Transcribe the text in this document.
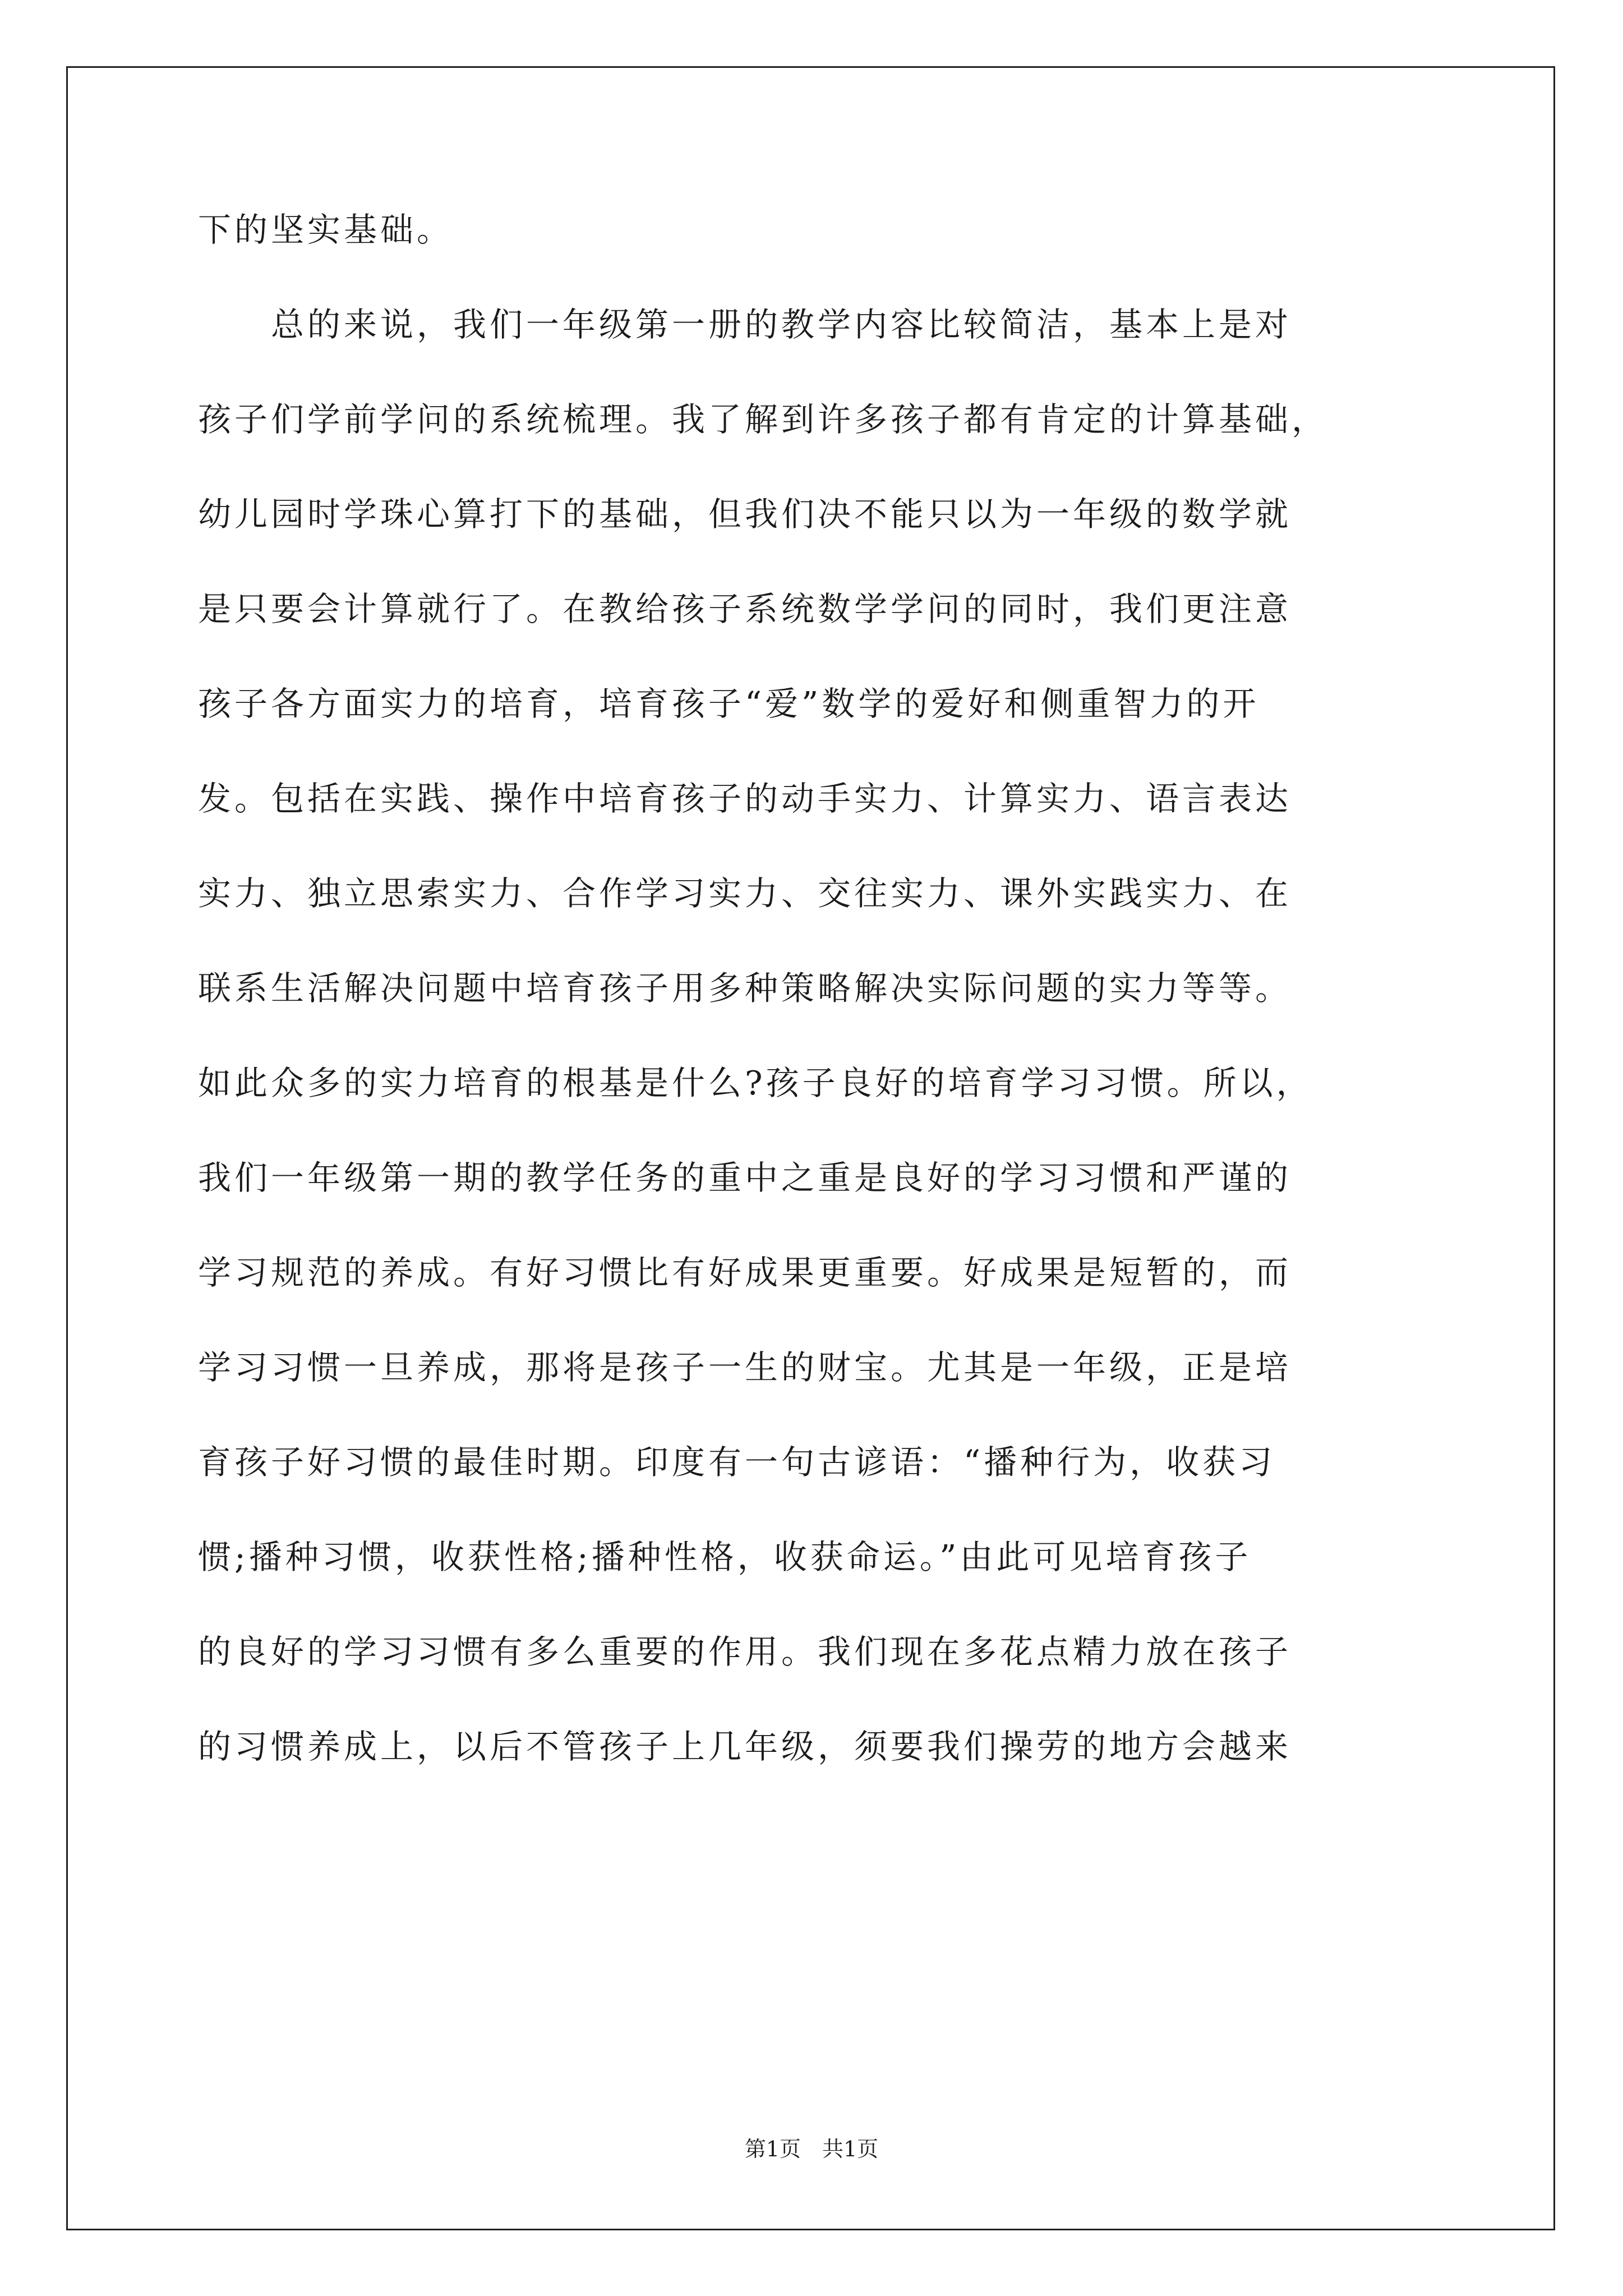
下的坚实基础。
　　总的来说，我们一年级第一册的教学内容比较简洁，基本上是对
孩子们学前学问的系统梳理。我了解到许多孩子都有肯定的计算基础，
幼儿园时学珠心算打下的基础，但我们决不能只以为一年级的数学就
是只要会计算就行了。在教给孩子系统数学学问的同时，我们更注意
孩子各方面实力的培育，培育孩子“爱”数学的爱好和侧重智力的开
发。包括在实践、操作中培育孩子的动手实力、计算实力、语言表达
实力、独立思索实力、合作学习实力、交往实力、课外实践实力、在
联系生活解决问题中培育孩子用多种策略解决实际问题的实力等等。
如此众多的实力培育的根基是什么?孩子良好的培育学习习惯。所以，
我们一年级第一期的教学任务的重中之重是良好的学习习惯和严谨的
学习规范的养成。有好习惯比有好成果更重要。好成果是短暂的，而
学习习惯一旦养成，那将是孩子一生的财宝。尤其是一年级，正是培
育孩子好习惯的最佳时期。印度有一句古谚语：“播种行为，收获习
惯;播种习惯，收获性格;播种性格，收获命运。”由此可见培育孩子
的良好的学习习惯有多么重要的作用。我们现在多花点精力放在孩子
的习惯养成上，以后不管孩子上几年级，须要我们操劳的地方会越来
第1页　共1页
